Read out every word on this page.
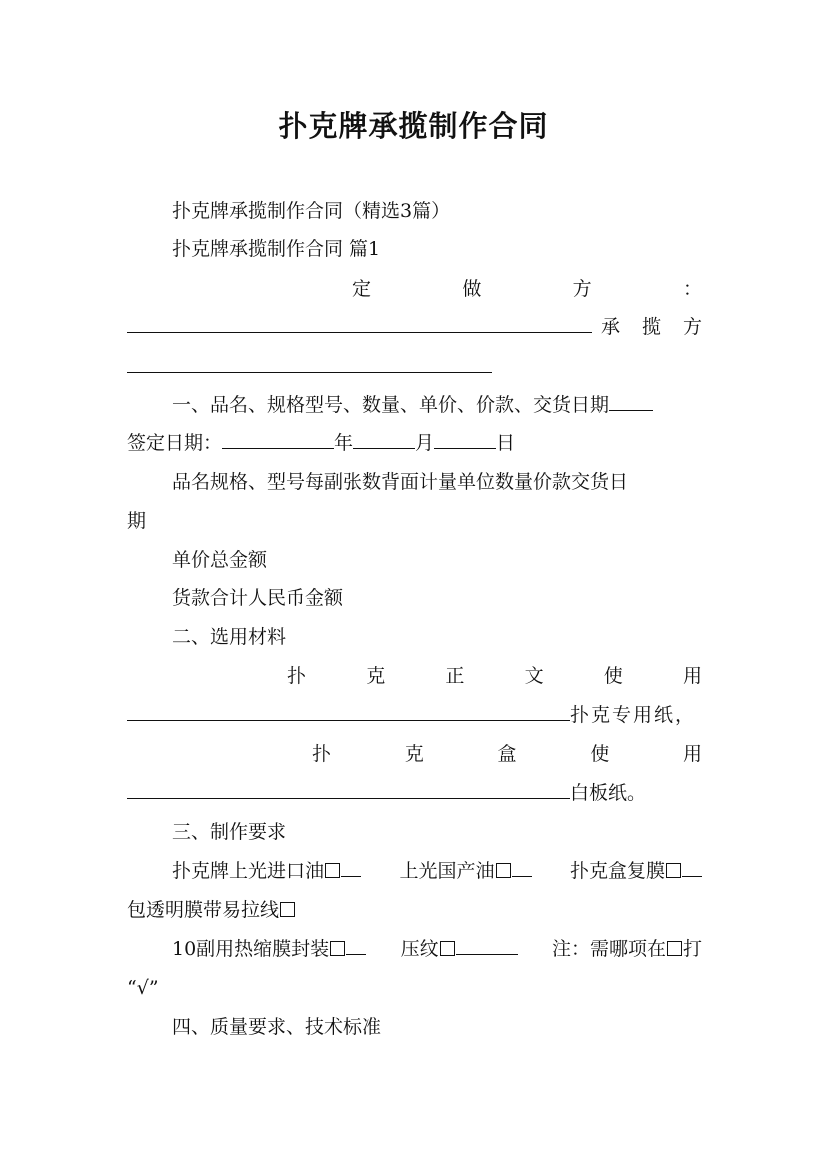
扑克牌承揽制作合同
扑克牌承揽制作合同（精选3篇）
扑克牌承揽制作合同 篇1
定	做	方	：
承揽方
一、品名、规格型号、数量、单价、价款、交货日期
签定日期：	年	月	日
品名规格、型号每副张数背面计量单位数量价款交货日
期
单价总金额
货款合计人民币金额
二、选用材料
扑	克	正	文	使	用
扑克专用纸，
扑	克	盒	使	用
白板纸。
三、制作要求
扑克牌上光进口油	上光国产油	扑克盒复膜
包透明膜带易拉线
10副用热缩膜封装	压纹	注：需哪项在 打
“√”
四、质量要求、技术标准
